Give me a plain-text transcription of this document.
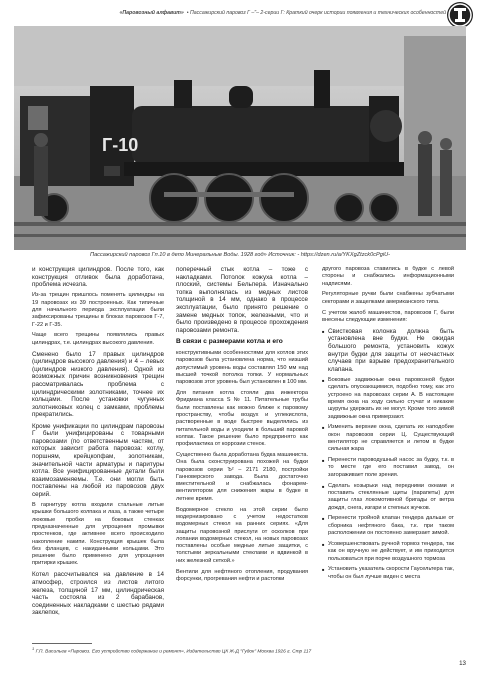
«Паровозный алфавит» • Пассажирский паровоз Г –"– 2-серии Г: Краткий очерк истории появления и технических особенностей
Г-10
Пассажирский паровоз Гп.10 в депо Минеральные Воды. 1928 год» Источник: - https://dzen.ru/a/YKXgZtzck0cPgiU-

и конструкция цилиндров. После того, как конструкция отливок была доработана, проблема исчезла.

Из-за трещин пришлось поменять цилиндры на 19 паровозах из 39 построенных. Как типичные для начального периода эксплуатации были зафиксированы трещины в блоках паровозов Г-7, Г-22 и Г-35.

Чаще всего трещины появлялись правых цилиндрах, т.е. цилиндрах высокого давления.

Сменено было 17 правых цилиндров (цилиндров высокого давления) и 4 – левых (цилиндров низкого давления). Одной из возможных причин возникновения трещин рассматривалась проблема с цилиндрическими золотниками, точнее их кольцами. После установки чугунных золотниковых колец с замками, проблемы прекратились.

Кроме унификации по цилиндрам паровозы Г были унифицированы с товарными паровозами (по ответственным частям, от которых зависит работа паровоза: котлу, поршням, крейцкопфам, золотникам, значительной части арматуры и паритуры котла. Все унифицированные детали были взаимозаменяемы. Т.е. они могли быть поставлены на любой из паровозов двух серий.

В гарнитуру котла входили стальные литые крышки большого колпака и лаза, а также четыре люковые пробки на боковых стенках предназначенные для упрощения промывки простенков, где активнее всего происходило накопление накипи. Конструкция крышек была без фланцев, с накиданными кольцами. Это решение было применено для упрощения притирки крышек.

Котел рассчитывался на давление в 14 атмосфер, строился из листов литого железа, толщиной 17 мм, цилиндрическая часть состояла из 2 барабанов, соединенных накладками с шестью рядами заклепок,

поперечный стык котла – тоже с накладками. Потолок кожуха котла – плоский, системы Бельпера. Изначально топка выполнялась из медных листов толщиной в 14 мм, однако в процессе эксплуатации, было принято решение о замене медных топок, железными, что и было произведено в процессе прохождения паровозами ремонта.

В связи с размерами котла и его

конструктивными особенностями для котлов этих паровозов была установлена норма, что низший допустимый уровень воды составлял 150 мм над высшей точкой потолка топки. У нормальных паровозов этот уровень был установлен в 100 мм.

Для питания котла стояли два инжектора Фридмана класса S № 11. Питательные трубы были поставлены как можно ближе к паровому пространству, чтобы воздух и углекислота, растворенные в воде быстрее выделялись из питательной воды и уходили в больший паровой колпак. Такое решение было предпринято как профилактика от коррозии стенок.

Существенно была доработана будка машиниста. Она была сконструирована похожей на будки паровозов серии Ъ² – 2171 2180, постройки Ганноверского завода. Была достаточно вместительной и снабжалась фонарем-вентилятором для снижения жары в будке в летнее время.

Водомерное стекло на этой серии было модернизировано с учетом недостатков водомерных стекол на ранних сериях. «Для защиты паровозной прислуги от осколков при лопании водомерных стекол, на новых паровозах поставлены особые медные литые защитки, с толстыми зеркальными стеклами и вдвинкой в них железной сеткой.»

Вентили для нефтяного отопления, продувания форсунки, прогревания нефти и растопки

другого паровоза ставились в будке с левой стороны и снабжались информационными надписями.

Регуляторные ручки были снабжены зубчатыми секторами и защелками американского типа.

С учетом жалоб машинистов, паровозов Г, были внесены следующие изменения:

■ Свистковая колонка должна быть установлена вне будки. Не ожидая большого ремонта, установить кожух внутри будки для защиты от несчастных случаев при взрыве предохранительного клапана.
■ Боковые задвижные окна паровозной будки сделать опускающимися, подобно тому, как это устроено на паровозах серии А. В настоящее время окна на ходу сильно стучат и никакие шурупы удержать их не могут. Кроме того зимой задвижные окна примерзают.
■ Изменить верхние окна, сделать их наподобие окон паровозов серии Ц. Существующий вентилятор не справляется и летом в будке сильная жара
■ Перенести пароводушный насос за будку, т.к. в то месте где его поставил завод, он загораживает поле зрения.
■ Сделать козырьки над передними окнами и поставить стеклянные щиты (парапеты) для защиты глаз локомотивной бригады от ветра дождя, снега, изгари и степных жучков.
■ Перенести тройной клапан тендера дальше от сборника нефтяного бака, т.к. при таком расположении он постоянно замерзает зимой.
■ Усовершенствовать ручной тормоз тендера, так как он вручную не действует, и им приходится пользоваться при порче воздушного тормоза
■ Установить указатель скорости Гаусельтера так, чтобы он был лучше виден с места
$^1$ Г.П. Васильев «Паровоз. Его устройство содержание и ремонт», Издательство ЦК Ж-Д "Гудок" Москва 1926 г. Стр 117
13
